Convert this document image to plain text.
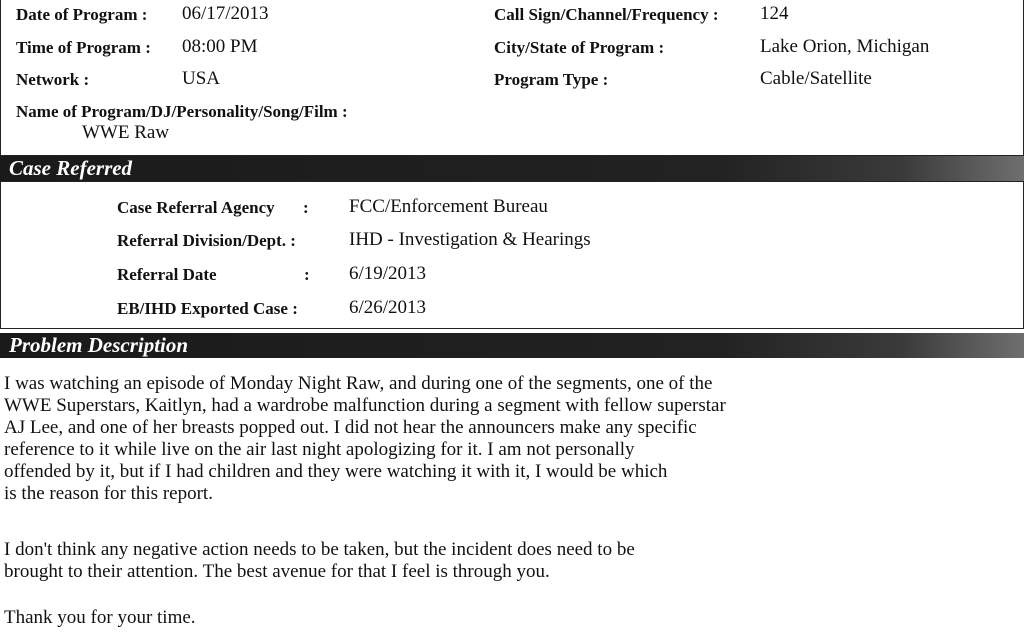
Date of Program : 06/17/2013
Time of Program : 08:00 PM
Network :	USA
Call Sign/Channel/Frequency : 124
City/State of Program :	Lake Orion, Michigan
Program Type :	Cable/Satellite
Name of Program/DJ/Personality/Song/Film :
WWE Raw
Case Referred
Case Referral Agency : FCC/Enforcement Bureau
Referral Division/Dept. :	IHD - Investigation & Hearings
Referral Date	: 6/19/2013
EB/IHD Exported Case :	6/26/2013
Problem Description
I was watching an episode of Monday Night Raw, and during one of the segments, one of the
WWE Superstars, Kaitlyn, had a wardrobe malfunction during a segment with fellow superstar
AJ Lee, and one of her breasts popped out. I did not hear the announcers make any specific
reference to it while live on the air last night apologizing for it. I am not personally
offended by it, but if I had children and they were watching it with it, I would be which
is the reason for this report.
I don't think any negative action needs to be taken, but the incident does need to be
brought to their attention. The best avenue for that I feel is through you.
Thank you for your time.
